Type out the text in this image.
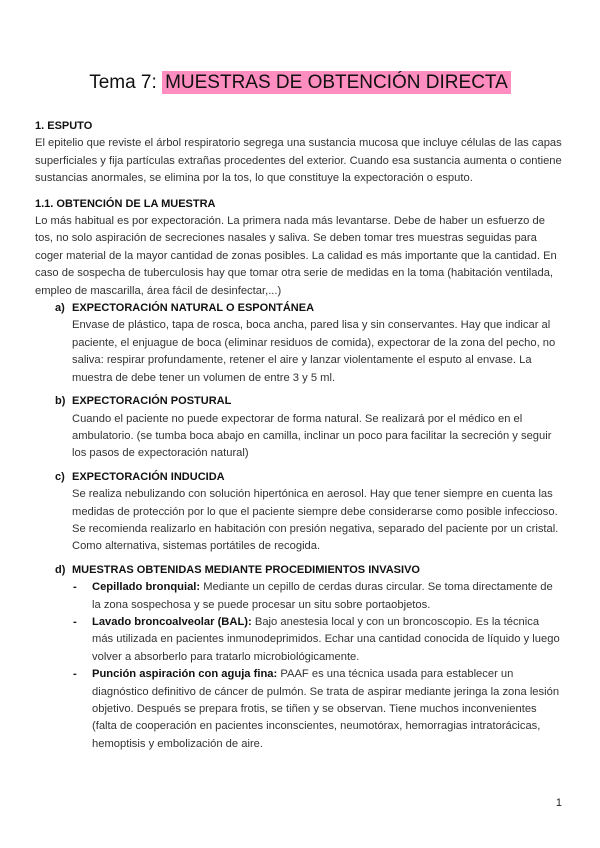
Tema 7: MUESTRAS DE OBTENCIÓN DIRECTA

1. ESPUTO

El epitelio que reviste el árbol respiratorio segrega una sustancia mucosa que incluye células de las capas superficiales y fija partículas extrañas procedentes del exterior. Cuando esa sustancia aumenta o contiene sustancias anormales, se elimina por la tos, lo que constituye la expectoración o esputo.

1.1. OBTENCIÓN DE LA MUESTRA

Lo más habitual es por expectoración. La primera nada más levantarse. Debe de haber un esfuerzo de tos, no solo aspiración de secreciones nasales y saliva. Se deben tomar tres muestras seguidas para coger material de la mayor cantidad de zonas posibles. La calidad es más importante que la cantidad. En caso de sospecha de tuberculosis hay que tomar otra serie de medidas en la toma (habitación ventilada, empleo de mascarilla, área fácil de desinfectar,...)

a) EXPECTORACIÓN NATURAL O ESPONTÁNEA

Envase de plástico, tapa de rosca, boca ancha, pared lisa y sin conservantes. Hay que indicar al paciente, el enjuague de boca (eliminar residuos de comida), expectorar de la zona del pecho, no saliva: respirar profundamente, retener el aire y lanzar violentamente el esputo al envase. La muestra de debe tener un volumen de entre 3 y 5 ml.

b) EXPECTORACIÓN POSTURAL

Cuando el paciente no puede expectorar de forma natural. Se realizará por el médico en el ambulatorio. (se tumba boca abajo en camilla, inclinar un poco para facilitar la secreción y seguir los pasos de expectoración natural)

c) EXPECTORACIÓN INDUCIDA

Se realiza nebulizando con solución hipertónica en aerosol. Hay que tener siempre en cuenta las medidas de protección por lo que el paciente siempre debe considerarse como posible infeccioso. Se recomienda realizarlo en habitación con presión negativa, separado del paciente por un cristal. Como alternativa, sistemas portátiles de recogida.

d) MUESTRAS OBTENIDAS MEDIANTE PROCEDIMIENTOS INVASIVO

- Cepillado bronquial: Mediante un cepillo de cerdas duras circular. Se toma directamente de la zona sospechosa y se puede procesar un situ sobre portaobjetos.

- Lavado broncoalveolar (BAL): Bajo anestesia local y con un broncoscopio. Es la técnica más utilizada en pacientes inmunodeprimidos. Echar una cantidad conocida de líquido y luego volver a absorberlo para tratarlo microbiológicamente.

- Punción aspiración con aguja fina: PAAF es una técnica usada para establecer un diagnóstico definitivo de cáncer de pulmón. Se trata de aspirar mediante jeringa la zona lesión objetivo. Después se prepara frotis, se tiñen y se observan. Tiene muchos inconvenientes (falta de cooperación en pacientes inconscientes, neumotórax, hemorragias intratorácicas, hemoptisis y embolización de aire.

1
